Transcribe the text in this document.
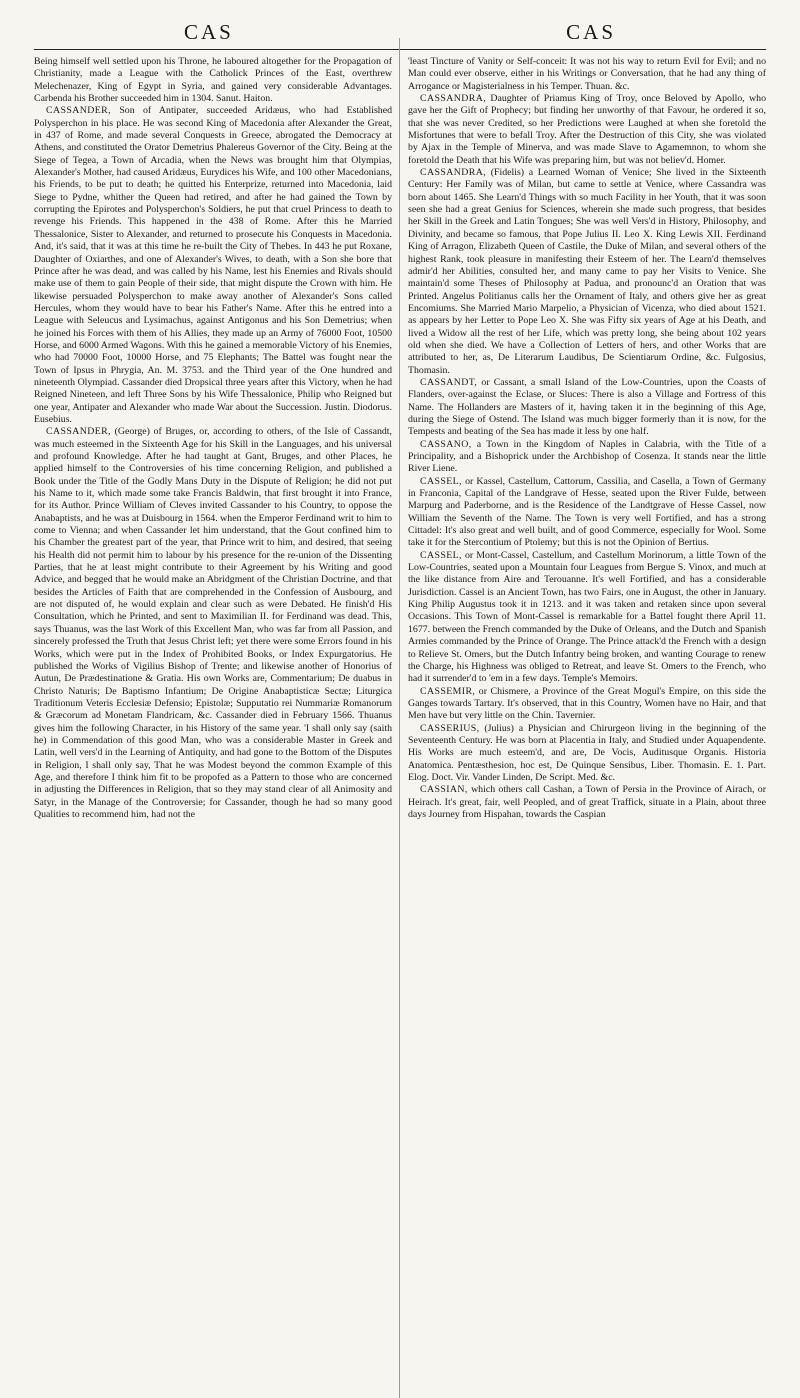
CAS	CAS

Being himself well settled upon his Throne, he laboured altogether for the Propagation of Christianity, made a League with the Catholick Princes of the East, overthrew Melechenazer, King of Egypt in Syria, and gained very considerable Advantages. Carbenda his Brother succeeded him in 1304. Sanut. Haiton.

CASSANDER, Son of Antipater, succeeded Aridæus, who had Established Polysperchon in his place. He was second King of Macedonia after Alexander the Great, in 437 of Rome, and made several Conquests in Greece, abrogated the Democracy at Athens, and constituted the Orator Demetrius Phalereus Governor of the City. Being at the Siege of Tegea, a Town of Arcadia, when the News was brought him that Olympias, Alexander's Mother, had caused Aridæus, Eurydices his Wife, and 100 other Macedonians, his Friends, to be put to death; he quitted his Enterprize, returned into Macedonia, laid Siege to Pydne, whither the Queen had retired, and after he had gained the Town by corrupting the Epirotes and Polysperchon's Soldiers, he put that cruel Princess to death to revenge his Friends. This happened in the 438 of Rome. After this he Married Thessalonice, Sister to Alexander, and returned to prosecute his Conquests in Macedonia. And, it's said, that it was at this time he re-built the City of Thebes. In 443 he put Roxane, Daughter of Oxiarthes, and one of Alexander's Wives, to death, with a Son she bore that Prince after he was dead, and was called by his Name, lest his Enemies and Rivals should make use of them to gain People of their side, that might dispute the Crown with him. He likewise persuaded Polysperchon to make away another of Alexander's Sons called Hercules, whom they would have to bear his Father's Name. After this he entred into a League with Seleucus and Lysimachus, against Antigonus and his Son Demetrius; when he joined his Forces with them of his Allies, they made up an Army of 76000 Foot, 10500 Horse, and 6000 Armed Wagons. With this he gained a memorable Victory of his Enemies, who had 70000 Foot, 10000 Horse, and 75 Elephants; The Battel was fought near the Town of Ipsus in Phrygia, An. M. 3753. and the Third year of the One hundred and nineteenth Olympiad. Cassander died Dropsical three years after this Victory, when he had Reigned Nineteen, and left Three Sons by his Wife Thessalonice, Philip who Reigned but one year, Antipater and Alexander who made War about the Succession. Justin. Diodorus. Eusebius.

CASSANDER, (George) of Bruges, or, according to others, of the Isle of Cassandt, was much esteemed in the Sixteenth Age for his Skill in the Languages, and his universal and profound Knowledge. After he had taught at Gant, Bruges, and other Places, he applied himself to the Controversies of his time concerning Religion, and published a Book under the Title of the Godly Mans Duty in the Dispute of Religion; he did not put his Name to it, which made some take Francis Baldwin, that first brought it into France, for its Author. Prince William of Cleves invited Cassander to his Country, to oppose the Anabaptists, and he was at Duisbourg in 1564. when the Emperor Ferdinand writ to him to come to Vienna; and when Cassander let him understand, that the Gout confined him to his Chamber the greatest part of the year, that Prince writ to him, and desired, that seeing his Health did not permit him to labour by his presence for the re-union of the Dissenting Parties, that he at least might contribute to their Agreement by his Writing and good Advice, and begged that he would make an Abridgment of the Christian Doctrine, and that besides the Articles of Faith that are comprehended in the Confession of Ausbourg, and are not disputed of, he would explain and clear such as were Debated. He finish'd His Consultation, which he Printed, and sent to Maximilian II. for Ferdinand was dead. This, says Thuanus, was the last Work of this Excellent Man, who was far from all Passion, and sincerely professed the Truth that Jesus Christ left; yet there were some Errors found in his Works, which were put in the Index of Prohibited Books, or Index Expurgatorius. He published the Works of Vigilius Bishop of Trente; and likewise another of Honorius of Autun, De Prædestinatione & Gratia. His own Works are, Commentarium; De duabus in Christo Naturis; De Baptismo Infantium; De Origine Anabaptisticæ Sectæ; Liturgica Traditionum Veteris Ecclesiæ Defensio; Epistolæ; Supputatio rei Nummariæ Romanorum & Græcorum ad Monetam Flandricam, &c. Cassander died in February 1566. Thuanus gives him the following Character, in his History of the same year. 'I shall only say (saith he) in Commendation of this good Man, who was a considerable Master in Greek and Latin, well vers'd in the Learning of Antiquity, and had gone to the Bottom of the Disputes in Religion, I shall only say, That he was Modest beyond the common Example of this Age, and therefore I think him fit to be propofed as a Pattern to those who are concerned in adjusting the Differences in Religion, that so they may stand clear of all Animosity and Satyr, in the Manage of the Controversie; for Cassander, though he had so many good Qualities to recommend him, had not the

'least Tincture of Vanity or Self-conceit: It was not his way to return Evil for Evil; and no Man could ever observe, either in his Writings or Conversation, that he had any thing of Arrogance or Magisterialness in his Temper. Thuan. &c.

CASSANDRA, Daughter of Priamus King of Troy, once Beloved by Apollo, who gave her the Gift of Prophecy; but finding her unworthy of that Favour, he ordered it so, that she was never Credited, so her Predictions were Laughed at when she foretold the Misfortunes that were to befall Troy. After the Destruction of this City, she was violated by Ajax in the Temple of Minerva, and was made Slave to Agamemnon, to whom she foretold the Death that his Wife was preparing him, but was not believ'd. Homer.

CASSANDRA, (Fidelis) a Learned Woman of Venice; She lived in the Sixteenth Century: Her Family was of Milan, but came to settle at Venice, where Cassandra was born about 1465. She Learn'd Things with so much Facility in her Youth, that it was soon seen she had a great Genius for Sciences, wherein she made such progress, that besides her Skill in the Greek and Latin Tongues; She was well Vers'd in History, Philosophy, and Divinity, and became so famous, that Pope Julius II. Leo X. King Lewis XII. Ferdinand King of Arragon, Elizabeth Queen of Castile, the Duke of Milan, and several others of the highest Rank, took pleasure in manifesting their Esteem of her. The Learn'd themselves admir'd her Abilities, consulted her, and many came to pay her Visits to Venice. She maintain'd some Theses of Philosophy at Padua, and pronounc'd an Oration that was Printed. Angelus Politianus calls her the Ornament of Italy, and others give her as great Encomiums. She Married Mario Marpelio, a Physician of Vicenza, who died about 1521. as appears by her Letter to Pope Leo X. She was Fifty six years of Age at his Death, and lived a Widow all the rest of her Life, which was pretty long, she being about 102 years old when she died. We have a Collection of Letters of hers, and other Works that are attributed to her, as, De Literarum Laudibus, De Scientiarum Ordine, &c. Fulgosius, Thomasin.

CASSANDT, or Cassant, a small Island of the Low-Countries, upon the Coasts of Flanders, over-against the Eclase, or Sluces: There is also a Village and Fortress of this Name. The Hollanders are Masters of it, having taken it in the beginning of this Age, during the Siege of Ostend. The Island was much bigger formerly than it is now, for the Tempests and beating of the Sea has made it less by one half.

CASSANO, a Town in the Kingdom of Naples in Calabria, with the Title of a Principality, and a Bishoprick under the Archbishop of Cosenza. It stands near the little River Liene.

CASSEL, or Kassel, Castellum, Cattorum, Cassilia, and Casella, a Town of Germany in Franconia, Capital of the Landgrave of Hesse, seated upon the River Fulde, between Marpurg and Paderborne, and is the Residence of the Landtgrave of Hesse Cassel, now William the Seventh of the Name. The Town is very well Fortified, and has a strong Cittadel: It's also great and well built, and of good Commerce, especially for Wool. Some take it for the Stercontium of Ptolemy; but this is not the Opinion of Bertius.

CASSEL, or Mont-Cassel, Castellum, and Castellum Morinorum, a little Town of the Low-Countries, seated upon a Mountain four Leagues from Bergue S. Vinox, and much at the like distance from Aire and Terouanne. It's well Fortified, and has a considerable Jurisdiction. Cassel is an Ancient Town, has two Fairs, one in August, the other in January. King Philip Augustus took it in 1213. and it was taken and retaken since upon several Occasions. This Town of Mont-Cassel is remarkable for a Battel fought there April 11. 1677. between the French commanded by the Duke of Orleans, and the Dutch and Spanish Armies commanded by the Prince of Orange. The Prince attack'd the French with a design to Relieve St. Omers, but the Dutch Infantry being broken, and wanting Courage to renew the Charge, his Highness was obliged to Retreat, and leave St. Omers to the French, who had it surrender'd to 'em in a few days. Temple's Memoirs.

CASSEMIR, or Chismere, a Province of the Great Mogul's Empire, on this side the Ganges towards Tartary. It's observed, that in this Country, Women have no Hair, and that Men have but very little on the Chin. Tavernier.

CASSERIUS, (Julius) a Physician and Chirurgeon living in the beginning of the Seventeenth Century. He was born at Placentia in Italy, and Studied under Aquapendente. His Works are much esteem'd, and are, De Vocis, Auditusque Organis. Historia Anatomica. Pentæsthesion, hoc est, De Quinque Sensibus, Liber. Thomasin. E. 1. Part. Elog. Doct. Vir. Vander Linden, De Script. Med. &c.

CASSIAN, which others call Cashan, a Town of Persia in the Province of Airach, or Heirach. It's great, fair, well Peopled, and of great Traffick, situate in a Plain, about three days Journey from Hispahan, towards the Caspian
